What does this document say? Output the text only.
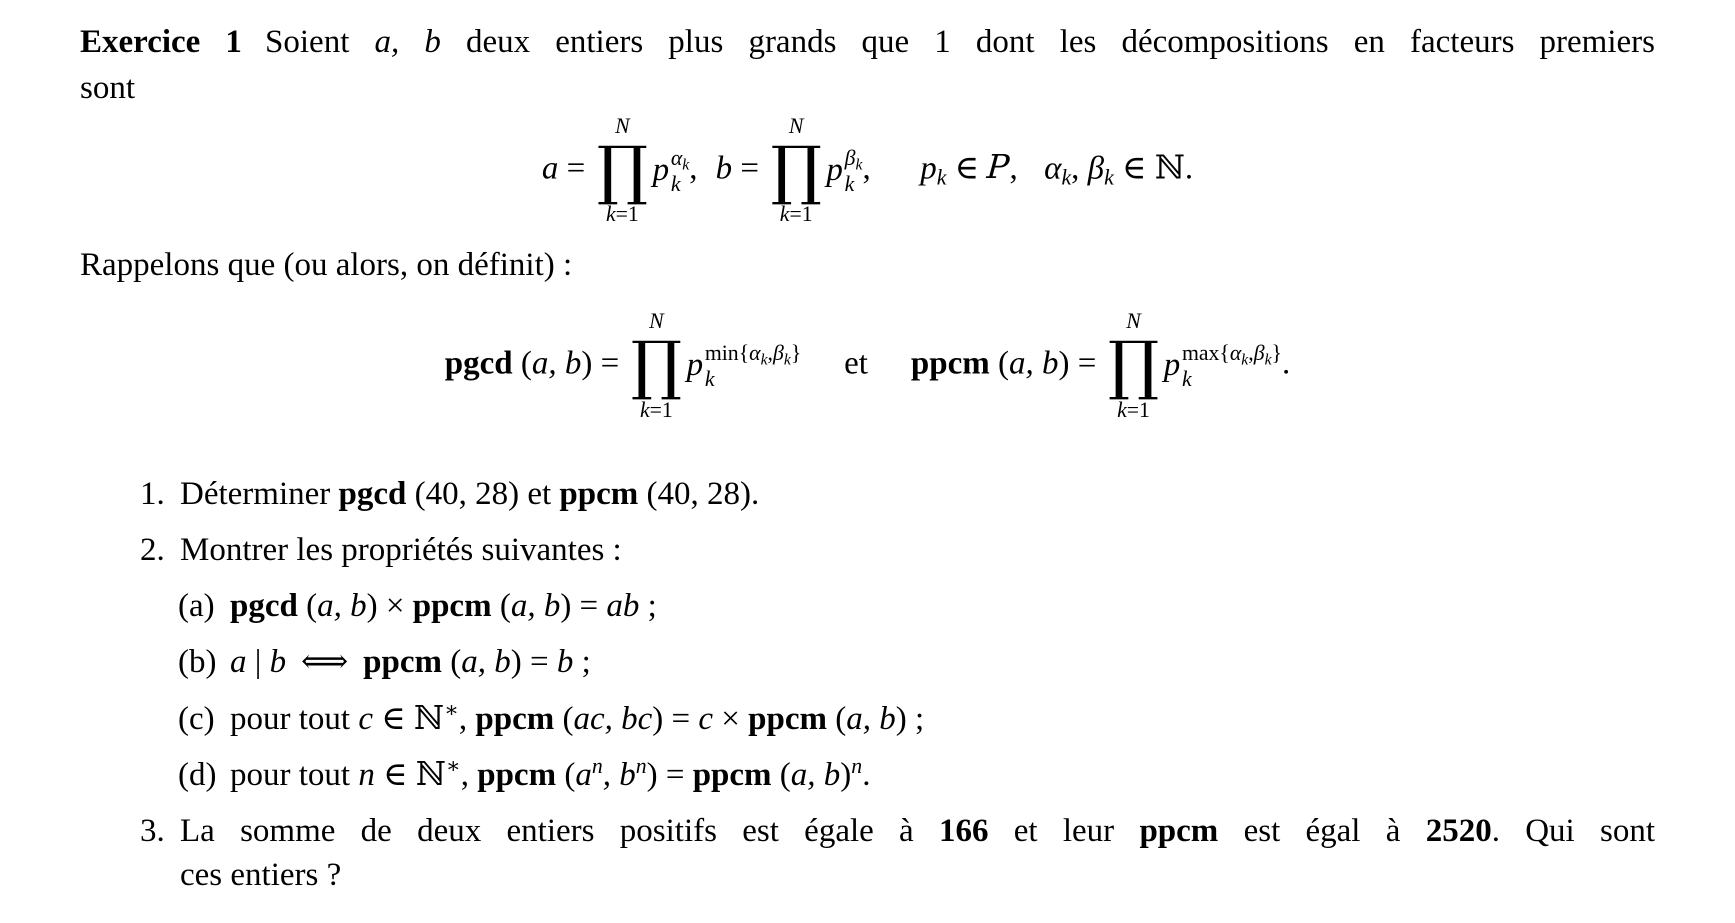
Exercice 1 Soient a, b deux entiers plus grands que 1 dont les décompositions en facteurs premiers
sont
a =
N
∏
k=1
p $\alpha_k$
k , b =
N
∏
k=1
p $\beta_k$
k , pk ∈ P, αk, βk ∈ ℕ.
Rappelons que (ou alors, on définit) :
pgcd (a, b) =
N
∏
k=1
p $\min\{\alpha_k,\beta_k\}$
k	et ppcm (a, b) =
N
∏
k=1
p $\max\{\alpha_k,\beta_k\}$
k	.
1. Déterminer pgcd (40, 28) et ppcm (40, 28).
2. Montrer les propriétés suivantes :
(a) pgcd (a, b) × ppcm (a, b) = ab ;
(b) a | b ⟺ ppcm (a, b) = b ;
(c) pour tout c ∈ ℕ∗, ppcm (ac, bc) = c × ppcm (a, b) ;
(d) pour tout n ∈ ℕ∗, ppcm ($a^n$, $b^n$) = ppcm (a, b)$^n$.
3. La somme de deux entiers positifs est égale à 166 et leur ppcm est égal à 2520. Qui sont
ces entiers ?
